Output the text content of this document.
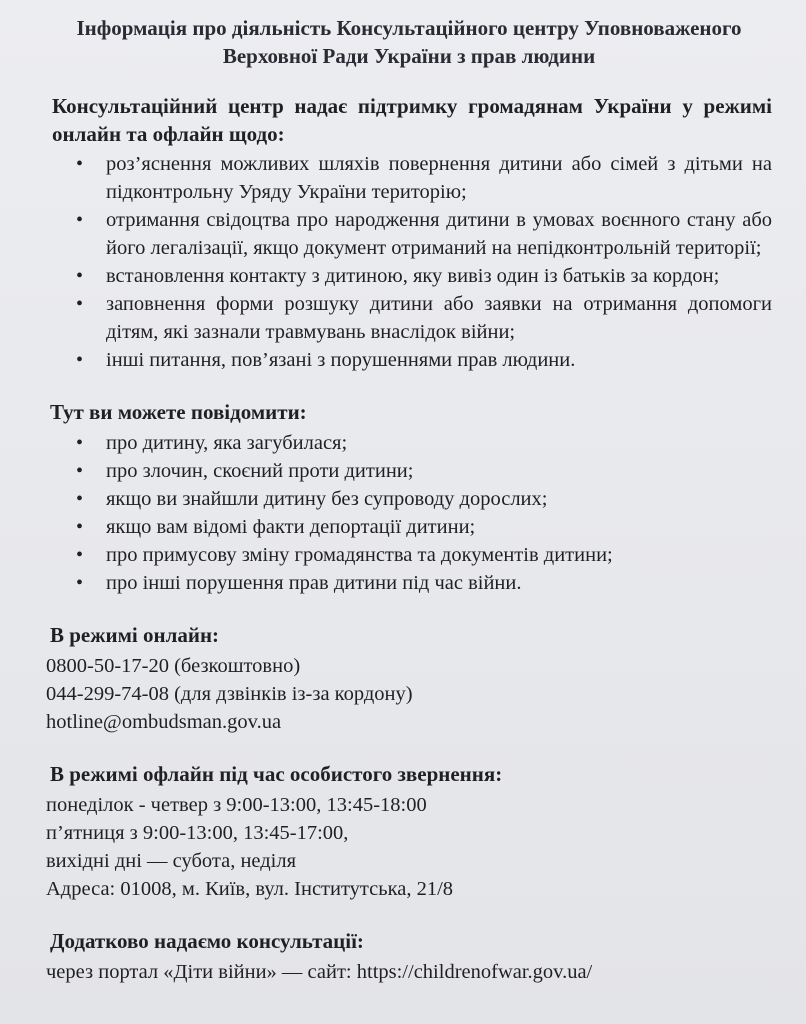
Інформація про діяльність Консультаційного центру Уповноваженого
Верховної Ради України з прав людини
Консультаційний центр надає підтримку громадянам України у режимі онлайн та офлайн щодо:
• роз’яснення можливих шляхів повернення дитини або сімей з дітьми на підконтрольну Уряду України територію;
• отримання свідоцтва про народження дитини в умовах воєнного стану або його легалізації, якщо документ отриманий на непідконтрольній території;
• встановлення контакту з дитиною, яку вивіз один із батьків за кордон;
• заповнення форми розшуку дитини або заявки на отримання допомоги дітям, які зазнали травмувань внаслідок війни;
• інші питання, пов’язані з порушеннями прав людини.
Тут ви можете повідомити:
• про дитину, яка загубилася;
• про злочин, скоєний проти дитини;
• якщо ви знайшли дитину без супроводу дорослих;
• якщо вам відомі факти депортації дитини;
• про примусову зміну громадянства та документів дитини;
• про інші порушення прав дитини під час війни.
В режимі онлайн:
0800-50-17-20 (безкоштовно)
044-299-74-08 (для дзвінків із-за кордону)
hotline@ombudsman.gov.ua
В режимі офлайн під час особистого звернення:
понеділок - четвер з 9:00-13:00, 13:45-18:00
п’ятниця з 9:00-13:00, 13:45-17:00,
вихідні дні — субота, неділя
Адреса: 01008, м. Київ, вул. Інститутська, 21/8
Додатково надаємо консультації:
через портал «Діти війни» — сайт: https://childrenofwar.gov.ua/
